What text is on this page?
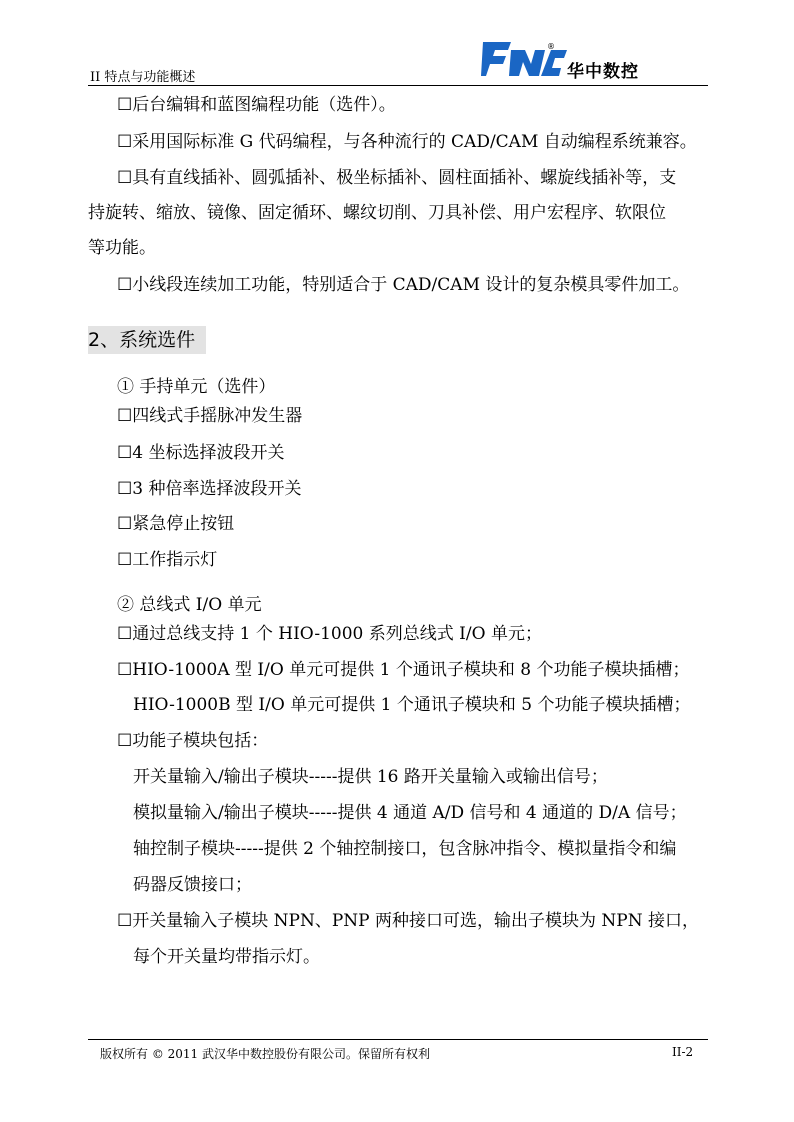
II 特点与功能概述
®
华中数控
☐后台编辑和蓝图编程功能（选件）。
☐采用国际标准 G 代码编程，与各种流行的 CAD/CAM 自动编程系统兼容。
☐具有直线插补、圆弧插补、极坐标插补、圆柱面插补、螺旋线插补等，支
持旋转、缩放、镜像、固定循环、螺纹切削、刀具补偿、用户宏程序、软限位
等功能。
☐小线段连续加工功能，特别适合于 CAD/CAM 设计的复杂模具零件加工。
2、系统选件
① 手持单元（选件）
☐四线式手摇脉冲发生器
☐4 坐标选择波段开关
☐3 种倍率选择波段开关
☐紧急停止按钮
☐工作指示灯
② 总线式 I/O 单元
☐通过总线支持 1 个 HIO-1000 系列总线式 I/O 单元；
☐HIO-1000A 型 I/O 单元可提供 1 个通讯子模块和 8 个功能子模块插槽；
HIO-1000B 型 I/O 单元可提供 1 个通讯子模块和 5 个功能子模块插槽；
☐功能子模块包括：
开关量输入/输出子模块-----提供 16 路开关量输入或输出信号；
模拟量输入/输出子模块-----提供 4 通道 A/D 信号和 4 通道的 D/A 信号；
轴控制子模块-----提供 2 个轴控制接口，包含脉冲指令、模拟量指令和编
码器反馈接口；
☐开关量输入子模块 NPN、PNP 两种接口可选，输出子模块为 NPN 接口，
每个开关量均带指示灯。
版权所有 © 2011 武汉华中数控股份有限公司。保留所有权利	II-2
